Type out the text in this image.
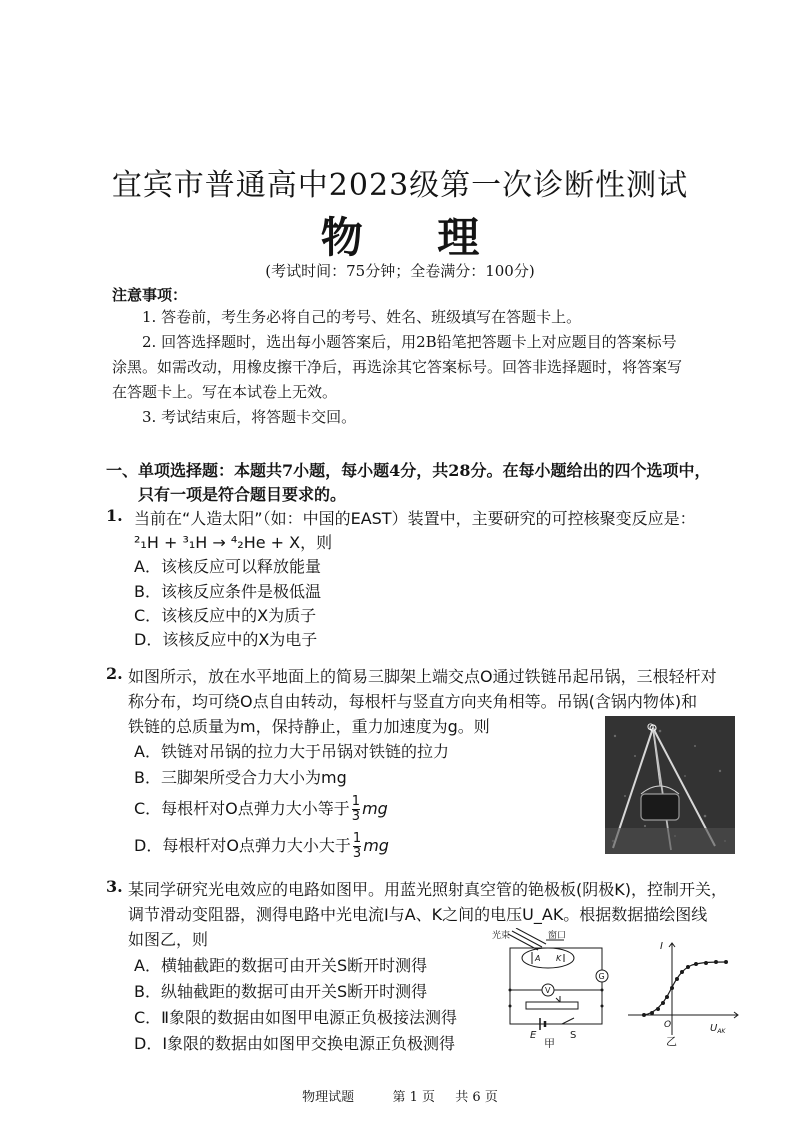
宜宾市普通高中2023级第一次诊断性测试
物 理
(考试时间：75分钟；全卷满分：100分)
注意事项：
1. 答卷前，考生务必将自己的考号、姓名、班级填写在答题卡上。
2. 回答选择题时，选出每小题答案后，用2B铅笔把答题卡上对应题目的答案标号
涂黑。如需改动，用橡皮擦干净后，再选涂其它答案标号。回答非选择题时，将答案写
在答题卡上。写在本试卷上无效。
3. 考试结束后，将答题卡交回。
一、单项选择题：本题共7小题，每小题4分，共28分。在每小题给出的四个选项中，
只有一项是符合题目要求的。
1. 当前在“人造太阳”（如：中国的EAST）装置中，主要研究的可控核聚变反应是：
²₁H + ³₁H → ⁴₂He + X，则
A．该核反应可以释放能量
B．该核反应条件是极低温
C．该核反应中的X为质子
D．该核反应中的X为电子
2. 如图所示，放在水平地面上的简易三脚架上端交点O通过铁链吊起吊锅，三根轻杆对
称分布，均可绕O点自由转动，每根杆与竖直方向夹角相等。吊锅(含锅内物体)和
铁链的总质量为m，保持静止，重力加速度为g。则
A．铁链对吊锅的拉力大于吊锅对铁链的拉力
B．三脚架所受合力大小为mg
C．每根杆对O点弹力大小等于 $\frac{1}{3}$ mg
D．每根杆对O点弹力大小大于 $\frac{1}{3}$ mg
O
3. 某同学研究光电效应的电路如图甲。用蓝光照射真空管的铯极板(阴极K)，控制开关，
调节滑动变阻器，测得电路中光电流I与A、K之间的电压U_AK。根据数据描绘图线
如图乙，则
A．横轴截距的数据可由开关S断开时测得
B．纵轴截距的数据可由开关S断开时测得
C．Ⅱ象限的数据由如图甲电源正负极接法测得
D．Ⅰ象限的数据由如图甲交换电源正负极测得
光束	窗口
A K
G
V
E	S
甲
I
O	$U_{AK}$
乙
物理试题	第 1 页 共 6 页
